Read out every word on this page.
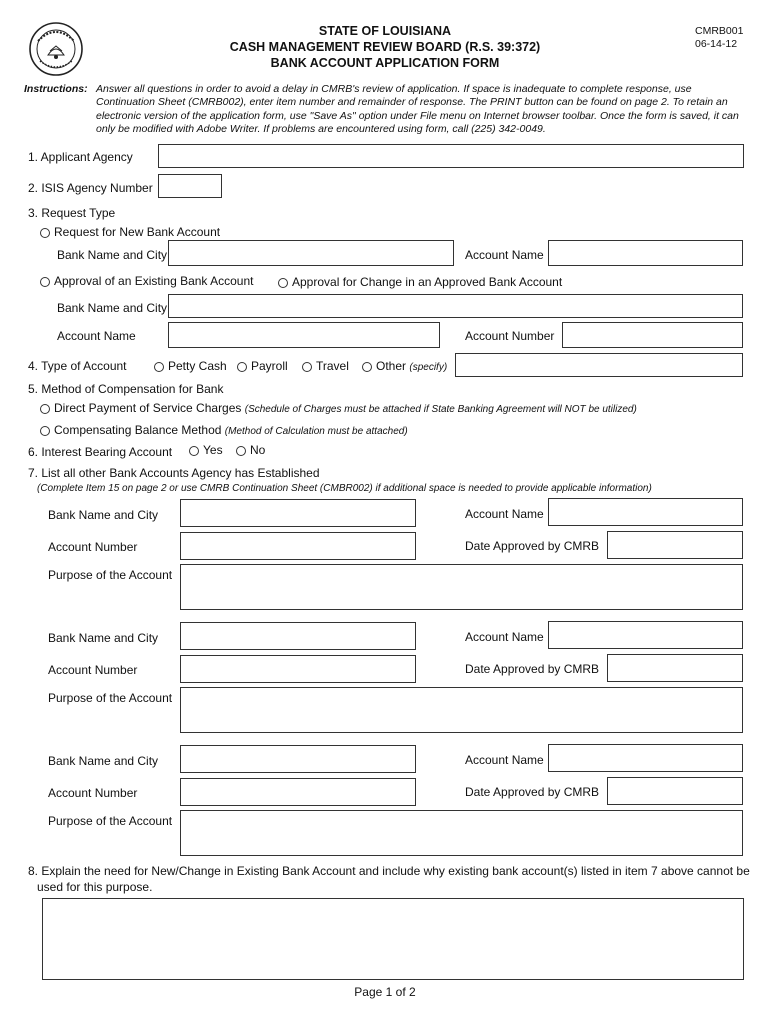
STATE OF LOUISIANA
CASH MANAGEMENT REVIEW BOARD (R.S. 39:372)
BANK ACCOUNT APPLICATION FORM
CMRB001
06-14-12
Instructions: Answer all questions in order to avoid a delay in CMRB's review of application. If space is inadequate to complete response, use Continuation Sheet (CMRB002), enter item number and remainder of response. The PRINT button can be found on page 2. To retain an electronic version of the application form, use "Save As" option under File menu on Internet browser toolbar. Once the form is saved, it can only be modified with Adobe Writer. If problems are encountered using form, call (225) 342-0049.
1. Applicant Agency
2. ISIS Agency Number
3. Request Type
Request for New Bank Account
Bank Name and City	Account Name
Approval of an Existing Bank Account	Approval for Change in an Approved Bank Account
Bank Name and City
Account Name	Account Number
4. Type of Account	Petty Cash Payroll Travel Other (specify)
5. Method of Compensation for Bank
Direct Payment of Service Charges (Schedule of Charges must be attached if State Banking Agreement will NOT be utilized)
Compensating Balance Method (Method of Calculation must be attached)
6. Interest Bearing Account	Yes No
7. List all other Bank Accounts Agency has Established
(Complete Item 15 on page 2 or use CMRB Continuation Sheet (CMBR002) if additional space is needed to provide applicable information)
Bank Name and City	Account Name
Account Number	Date Approved by CMRB
Purpose of the Account
Bank Name and City	Account Name
Account Number	Date Approved by CMRB
Purpose of the Account
Bank Name and City	Account Name
Account Number	Date Approved by CMRB
Purpose of the Account
8. Explain the need for New/Change in Existing Bank Account and include why existing bank account(s) listed in item 7 above cannot be
used for this purpose.
Page 1 of 2
